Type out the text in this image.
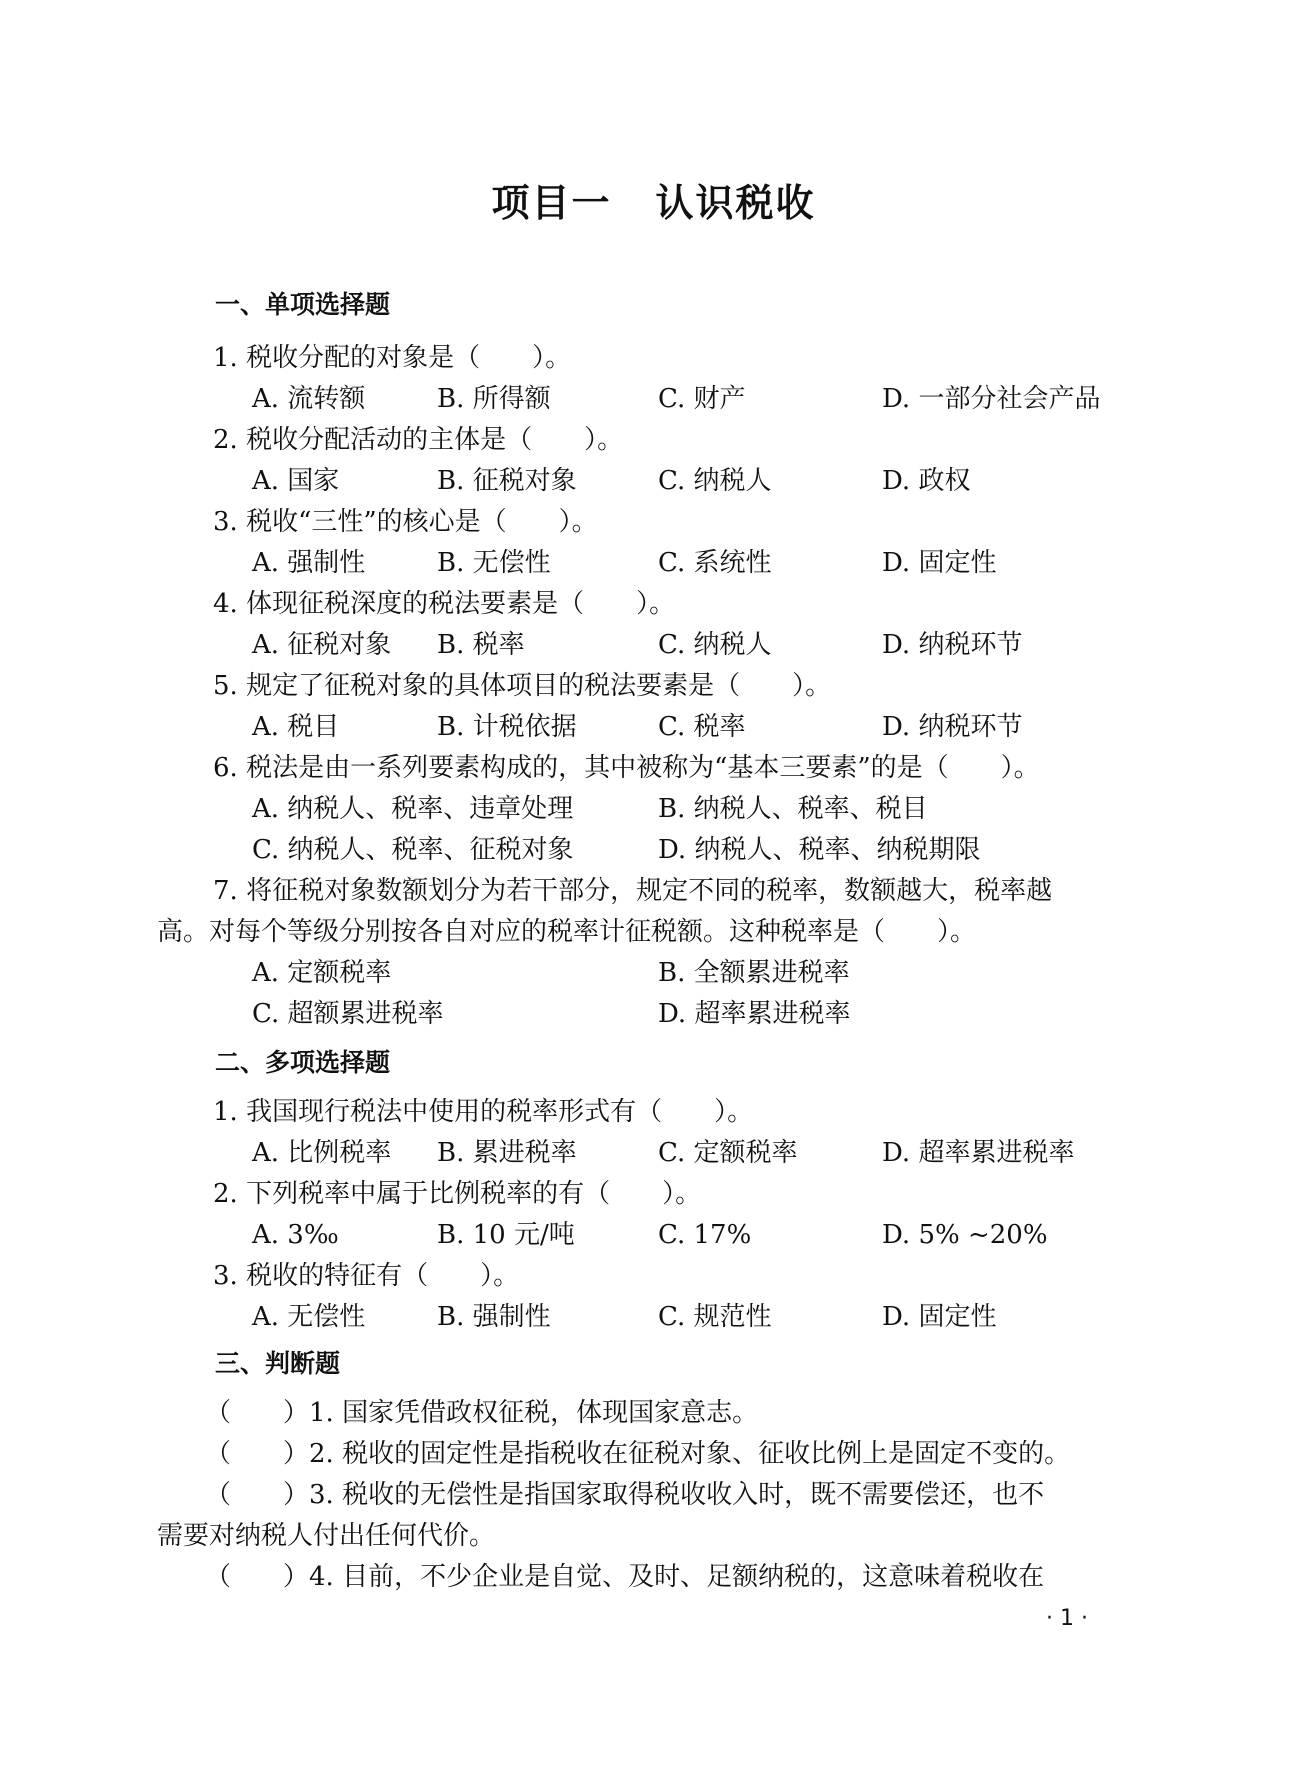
项目一 认识税收
一、单项选择题
1. 税收分配的对象是（　　）。
A. 流转额	B. 所得额	C. 财产	D. 一部分社会产品
2. 税收分配活动的主体是（　　）。
A. 国家	B. 征税对象	C. 纳税人	D. 政权
3. 税收“三性”的核心是（　　）。
A. 强制性	B. 无偿性	C. 系统性	D. 固定性
4. 体现征税深度的税法要素是（　　）。
A. 征税对象 B. 税率	C. 纳税人	D. 纳税环节
5. 规定了征税对象的具体项目的税法要素是（　　）。
A. 税目	B. 计税依据	C. 税率	D. 纳税环节
6. 税法是由一系列要素构成的，其中被称为“基本三要素”的是（　　）。
A. 纳税人、税率、违章处理	B. 纳税人、税率、税目
C. 纳税人、税率、征税对象	D. 纳税人、税率、纳税期限
7. 将征税对象数额划分为若干部分，规定不同的税率，数额越大，税率越
高。对每个等级分别按各自对应的税率计征税额。这种税率是（　　）。
A. 定额税率	B. 全额累进税率
C. 超额累进税率	D. 超率累进税率
二、多项选择题
1. 我国现行税法中使用的税率形式有（　　）。
A. 比例税率 B. 累进税率	C. 定额税率	D. 超率累进税率
2. 下列税率中属于比例税率的有（　　）。
A. 3‰	B. 10 元/吨	C. 17%	D. 5% ~20%
3. 税收的特征有（　　）。
A. 无偿性	B. 强制性	C. 规范性	D. 固定性
三、判断题
（　　）1. 国家凭借政权征税，体现国家意志。
（　　）2. 税收的固定性是指税收在征税对象、征收比例上是固定不变的。
（　　）3. 税收的无偿性是指国家取得税收收入时，既不需要偿还，也不
需要对纳税人付出任何代价。
（　　）4. 目前，不少企业是自觉、及时、足额纳税的，这意味着税收在
· 1 ·
